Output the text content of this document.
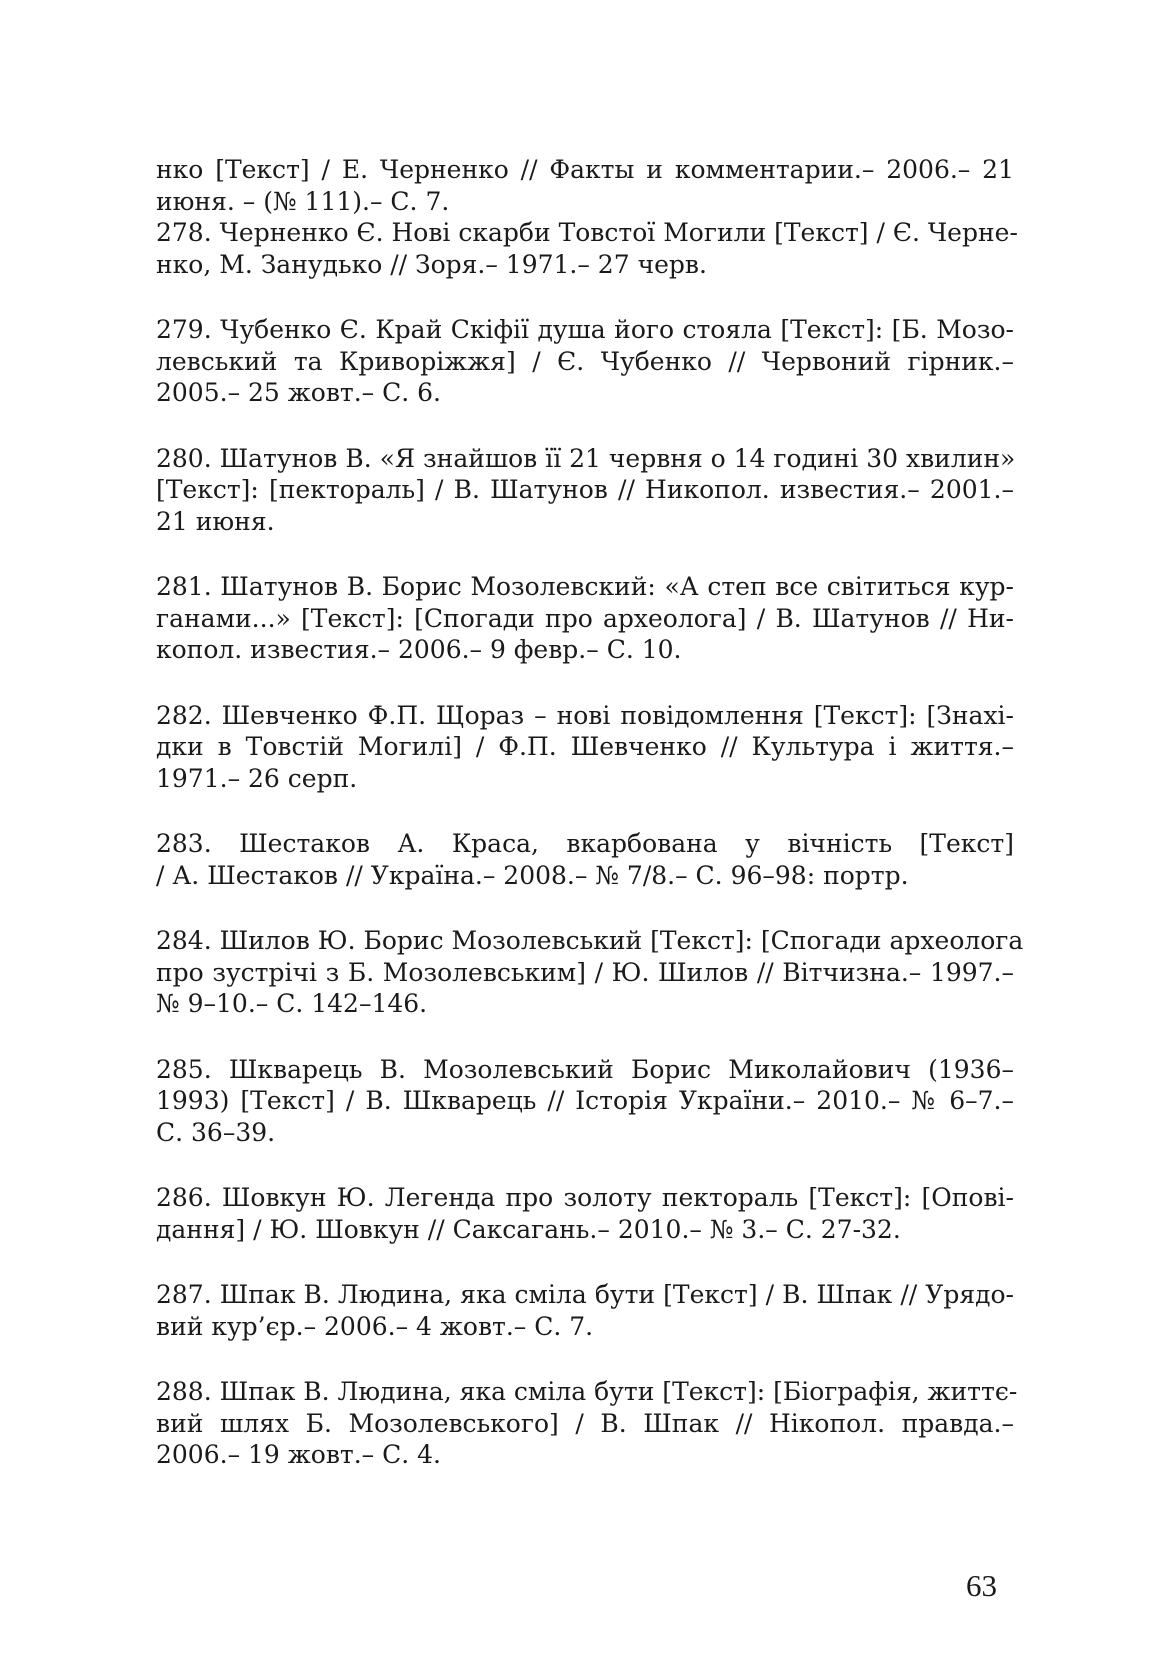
нко [Текст] / Е. Черненко // Факты и комментарии.– 2006.– 21
июня. – (№ 111).– С. 7.
278. Черненко Є. Нові скарби Товстої Могили [Текст] / Є. Черне-
нко, М. Занудько // Зоря.– 1971.– 27 черв.
279. Чубенко Є. Край Скіфії душа його стояла [Текст]: [Б. Мозо-
левський та Криворіжжя] / Є. Чубенко // Червоний гірник.–
2005.– 25 жовт.– С. 6.
280. Шатунов В. «Я знайшов її 21 червня о 14 годині 30 хвилин»
[Текст]: [пектораль] / В. Шатунов // Никопол. известия.– 2001.–
21 июня.
281. Шатунов В. Борис Мозолевский: «А степ все світиться кур-
ганами...» [Текст]: [Спогади про археолога] / В. Шатунов // Ни-
копол. известия.– 2006.– 9 февр.– С. 10.
282. Шевченко Ф.П. Щораз – нові повідомлення [Текст]: [Знахі-
дки в Товстій Могилі] / Ф.П. Шевченко // Культура і життя.–
1971.– 26 серп.
283. Шестаков А. Краса, вкарбована у вічність [Текст]
/ А. Шестаков // Україна.– 2008.– № 7/8.– С. 96–98: портр.
284. Шилов Ю. Борис Мозолевський [Текст]: [Спогади археолога
про зустрічі з Б. Мозолевським] / Ю. Шилов // Вітчизна.– 1997.–
№ 9–10.– С. 142–146.
285. Шкварець В. Мозолевський Борис Миколайович (1936–
1993) [Текст] / В. Шкварець // Історія України.– 2010.– № 6–7.–
С. 36–39.
286. Шовкун Ю. Легенда про золоту пектораль [Текст]: [Опові-
дання] / Ю. Шовкун // Саксагань.– 2010.– № 3.– С. 27-32.
287. Шпак В. Людина, яка сміла бути [Текст] / В. Шпак // Урядо-
вий кур’єр.– 2006.– 4 жовт.– С. 7.
288. Шпак В. Людина, яка сміла бути [Текст]: [Біографія, життє-
вий шлях Б. Мозолевського] / В. Шпак // Нікопол. правда.–
2006.– 19 жовт.– С. 4.
63
